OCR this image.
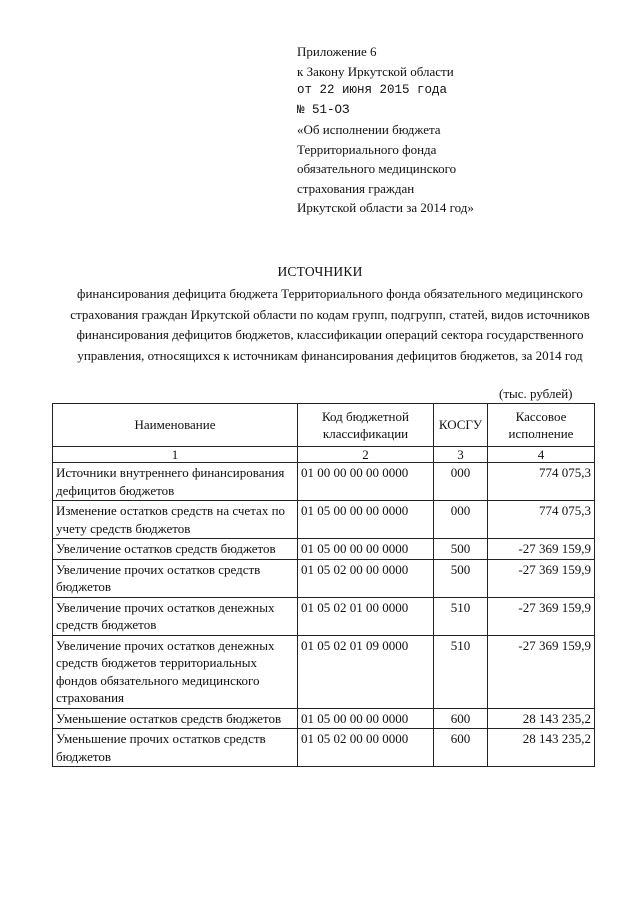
Приложение 6
к Закону Иркутской области
от 22 июня 2015 года
№ 51-ОЗ
«Об исполнении бюджета
Территориального фонда
обязательного медицинского
страхования граждан
Иркутской области за 2014 год»
ИСТОЧНИКИ
финансирования дефицита бюджета Территориального фонда обязательного медицинского страхования граждан Иркутской области по кодам групп, подгрупп, статей, видов источников финансирования дефицитов бюджетов, классификации операций сектора государственного управления, относящихся к источникам финансирования дефицитов бюджетов, за 2014 год
(тыс. рублей)
Наименование	Код бюджетной классификации	КОСГУ	Кассовое исполнение
1	2	3	4
Источники внутреннего финансирования дефицитов бюджетов	01 00 00 00 00 0000	000	774 075,3
Изменение остатков средств на счетах по учету средств бюджетов	01 05 00 00 00 0000	000	774 075,3
Увеличение остатков средств бюджетов	01 05 00 00 00 0000	500	-27 369 159,9
Увеличение прочих остатков средств бюджетов	01 05 02 00 00 0000	500	-27 369 159,9
Увеличение прочих остатков денежных средств бюджетов	01 05 02 01 00 0000	510	-27 369 159,9
Увеличение прочих остатков денежных средств бюджетов территориальных фондов обязательного медицинского страхования	01 05 02 01 09 0000	510	-27 369 159,9
Уменьшение остатков средств бюджетов	01 05 00 00 00 0000	600	28 143 235,2
Уменьшение прочих остатков средств бюджетов	01 05 02 00 00 0000	600	28 143 235,2
